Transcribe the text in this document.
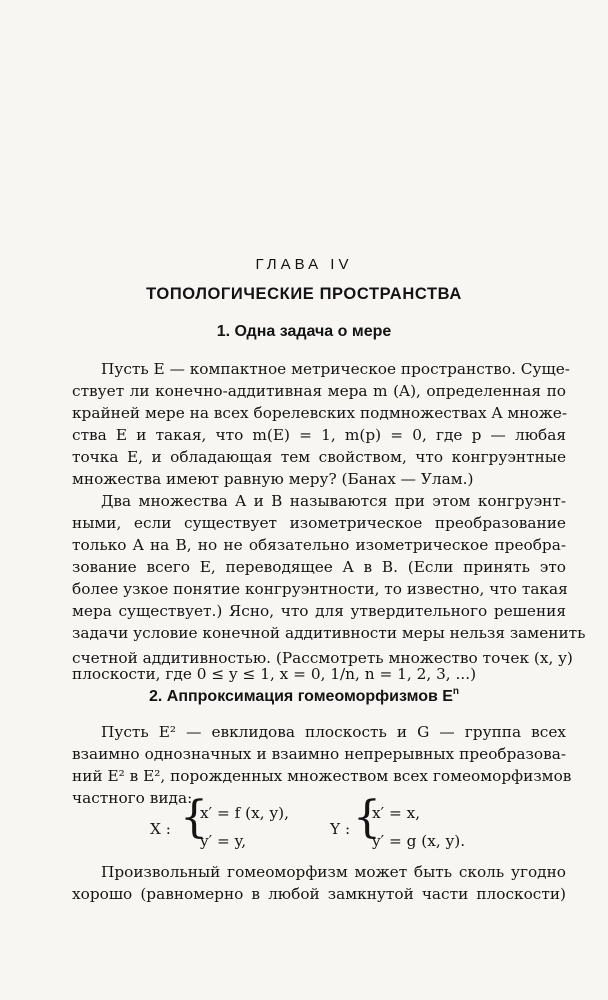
ГЛАВА IV
ТОПОЛОГИЧЕСКИЕ ПРОСТРАНСТВА
1. Одна задача о мере
Пусть E — компактное метрическое пространство. Суще-
ствует ли конечно-аддитивная мера m (A), определенная по
крайней мере на всех борелевских подмножествах A множе-
ства E и такая, что m(E) = 1, m(p) = 0, где p — любая
точка E, и обладающая тем свойством, что конгруэнтные
множества имеют равную меру? (Банах — Улам.)
Два множества A и B называются при этом конгруэнт-
ными, если существует изометрическое преобразование
только A на B, но не обязательно изометрическое преобра-
зование всего E, переводящее A в B. (Если принять это
более узкое понятие конгруэнтности, то известно, что такая
мера существует.) Ясно, что для утвердительного решения
задачи условие конечной аддитивности меры нельзя заменить
счетной аддитивностью. (Рассмотреть множество точек (x, y)
плоскости, где 0 ≤ y ≤ 1, x = 0, 1/n, n = 1, 2, 3, ...)
2. Аппроксимация гомеоморфизмов $E^n$
Пусть E² — евклидова плоскость и G — группа всех
взаимно однозначных и взаимно непрерывных преобразова-
ний E² в E², порожденных множеством всех гомеоморфизмов
частного вида:
X : {
x′ = f (x, y),
y′ = y,
Y : {
x′ = x,
y′ = g (x, y).
Произвольный гомеоморфизм может быть сколь угодно
хорошо (равномерно в любой замкнутой части плоскости)
